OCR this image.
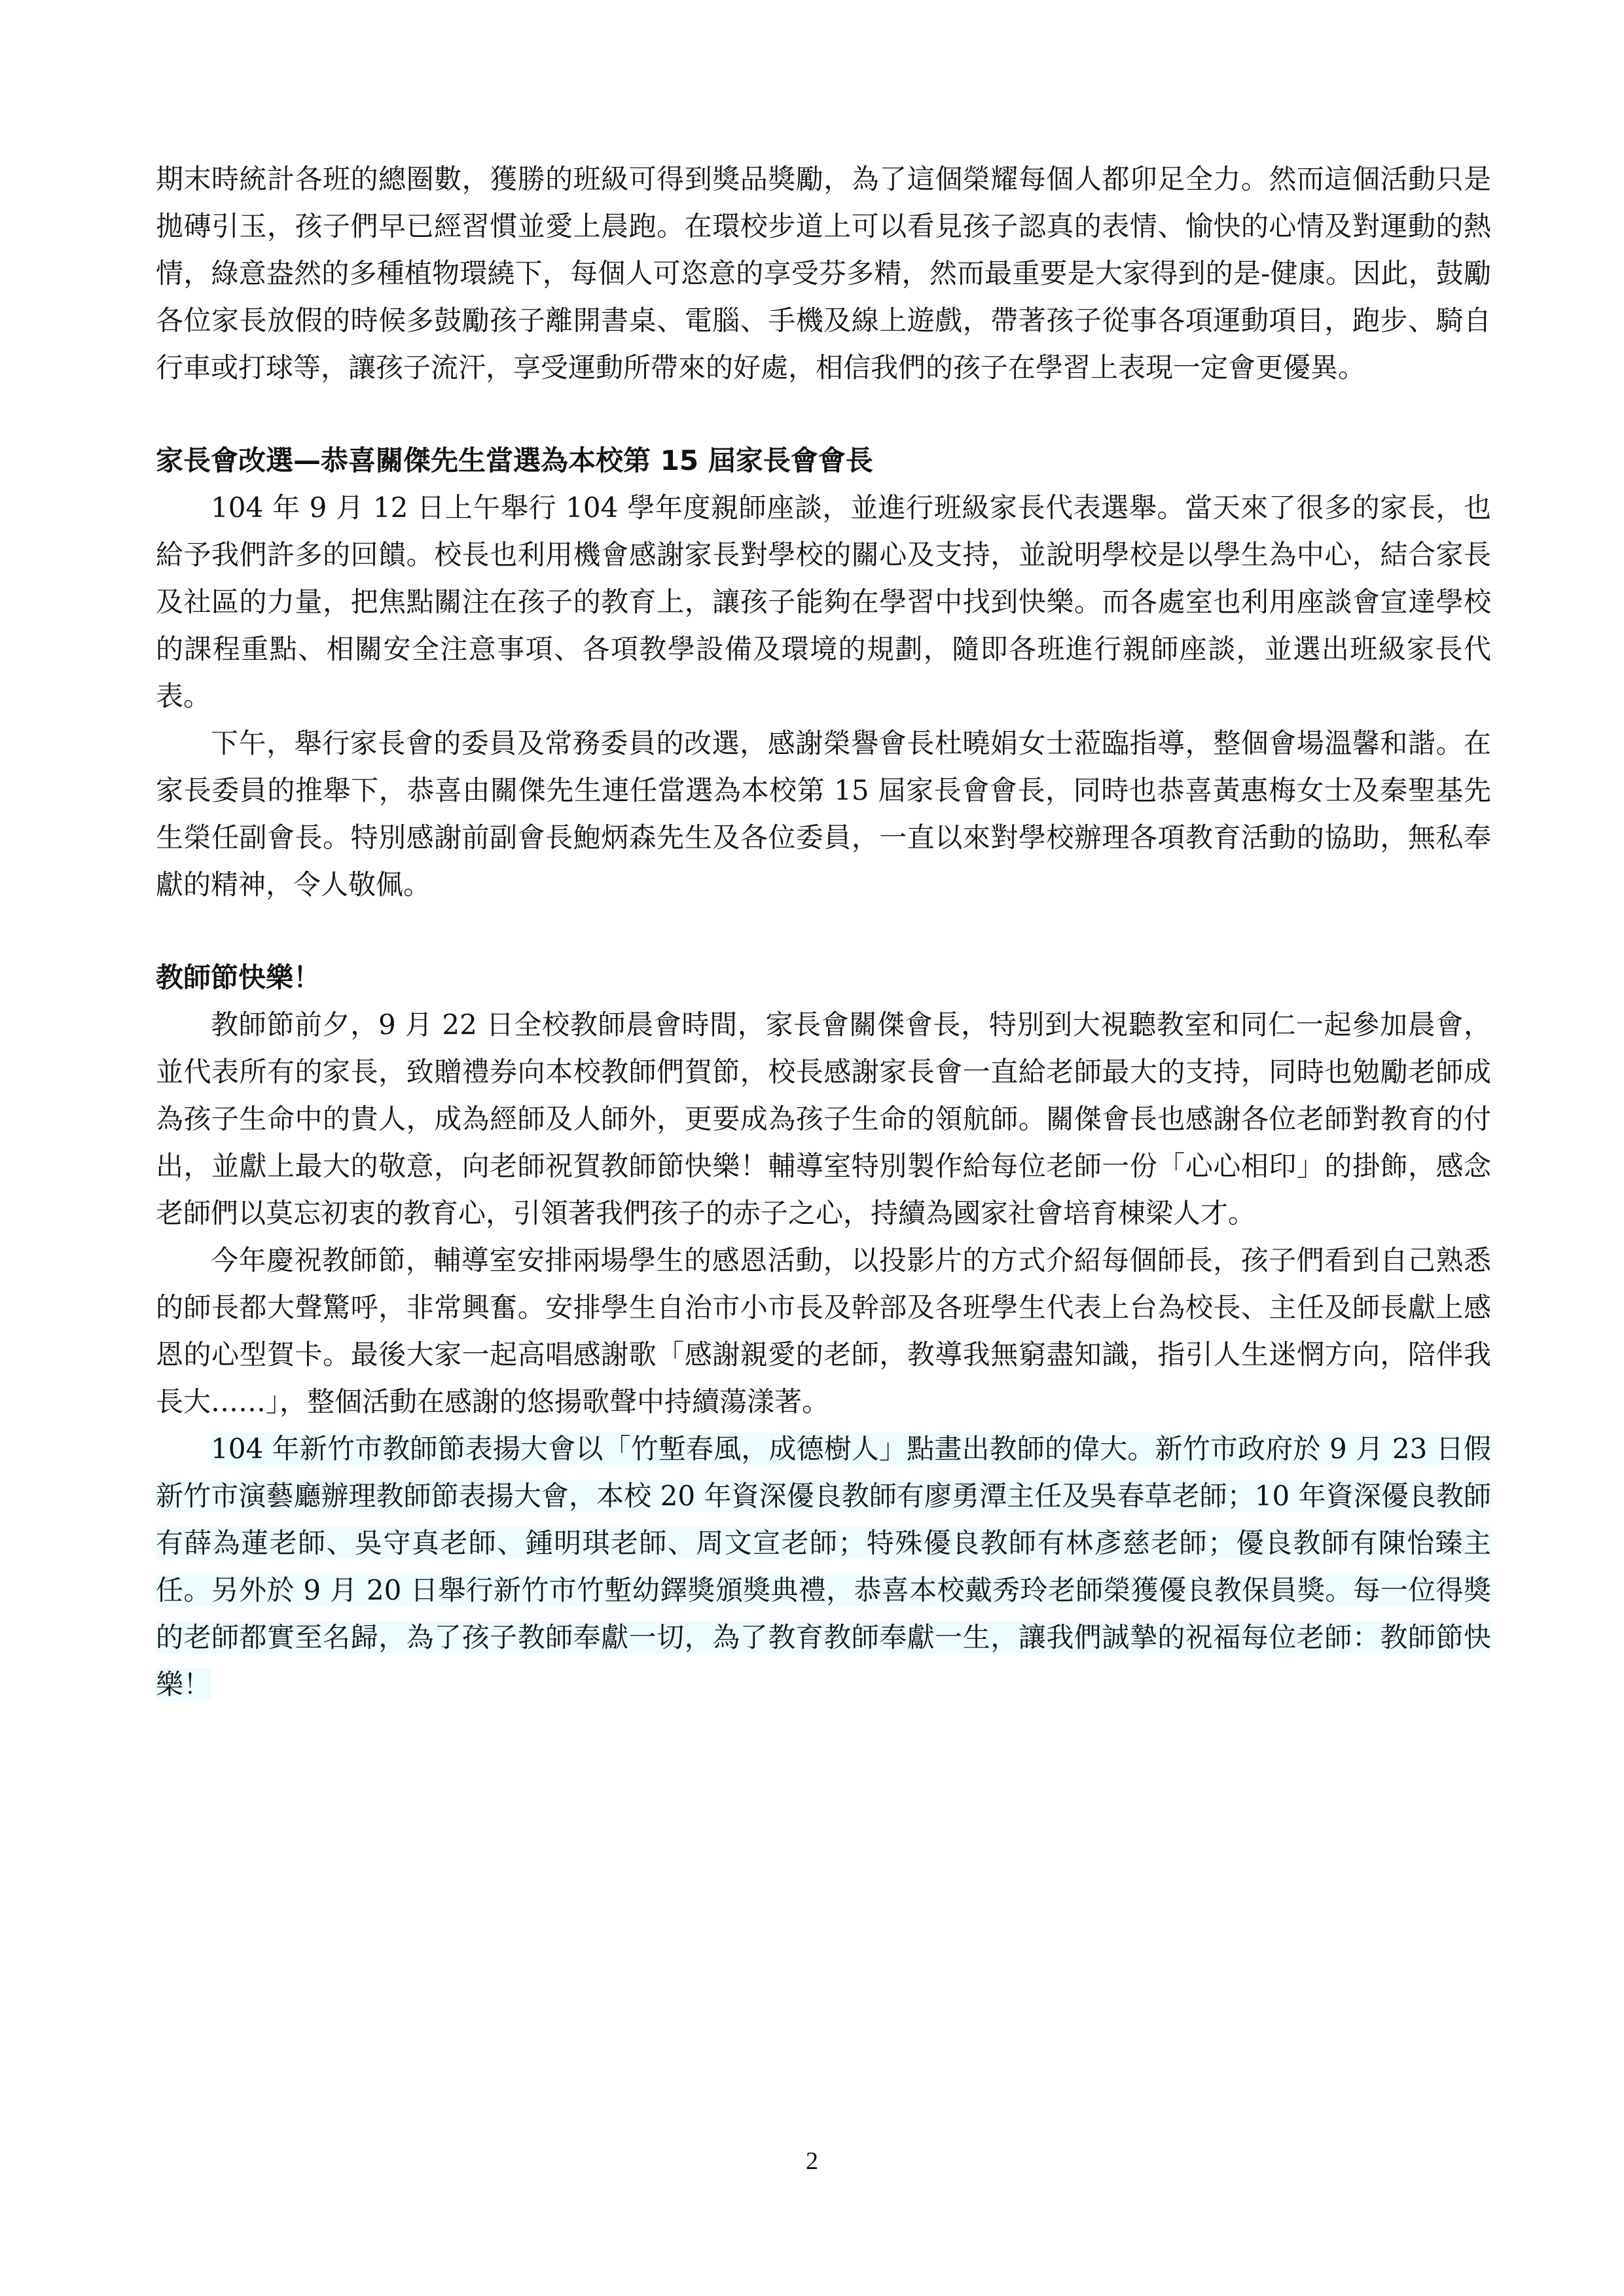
期末時統計各班的總圈數，獲勝的班級可得到獎品獎勵，為了這個榮耀每個人都卯足全力。然而這個活動只是拋磚引玉，孩子們早已經習慣並愛上晨跑。在環校步道上可以看見孩子認真的表情、愉快的心情及對運動的熱情，綠意盎然的多種植物環繞下，每個人可恣意的享受芬多精，然而最重要是大家得到的是-健康。因此，鼓勵各位家長放假的時候多鼓勵孩子離開書桌、電腦、手機及線上遊戲，帶著孩子從事各項運動項目，跑步、騎自行車或打球等，讓孩子流汗，享受運動所帶來的好處，相信我們的孩子在學習上表現一定會更優異。

家長會改選—恭喜關傑先生當選為本校第 15 屆家長會會長

104 年 9 月 12 日上午舉行 104 學年度親師座談，並進行班級家長代表選舉。當天來了很多的家長，也給予我們許多的回饋。校長也利用機會感謝家長對學校的關心及支持，並說明學校是以學生為中心，結合家長及社區的力量，把焦點關注在孩子的教育上，讓孩子能夠在學習中找到快樂。而各處室也利用座談會宣達學校的課程重點、相關安全注意事項、各項教學設備及環境的規劃，隨即各班進行親師座談，並選出班級家長代表。

下午，舉行家長會的委員及常務委員的改選，感謝榮譽會長杜曉娟女士蒞臨指導，整個會場溫馨和諧。在家長委員的推舉下，恭喜由關傑先生連任當選為本校第 15 屆家長會會長，同時也恭喜黃惠梅女士及秦聖基先生榮任副會長。特別感謝前副會長鮑炳森先生及各位委員，一直以來對學校辦理各項教育活動的協助，無私奉獻的精神，令人敬佩。

教師節快樂！

教師節前夕，9 月 22 日全校教師晨會時間，家長會關傑會長，特別到大視聽教室和同仁一起參加晨會，並代表所有的家長，致贈禮券向本校教師們賀節，校長感謝家長會一直給老師最大的支持，同時也勉勵老師成為孩子生命中的貴人，成為經師及人師外，更要成為孩子生命的領航師。關傑會長也感謝各位老師對教育的付出，並獻上最大的敬意，向老師祝賀教師節快樂！輔導室特別製作給每位老師一份「心心相印」的掛飾，感念老師們以莫忘初衷的教育心，引領著我們孩子的赤子之心，持續為國家社會培育棟梁人才。

今年慶祝教師節，輔導室安排兩場學生的感恩活動，以投影片的方式介紹每個師長，孩子們看到自己熟悉的師長都大聲驚呼，非常興奮。安排學生自治市小市長及幹部及各班學生代表上台為校長、主任及師長獻上感恩的心型賀卡。最後大家一起高唱感謝歌「感謝親愛的老師，教導我無窮盡知識，指引人生迷惘方向，陪伴我長大……」，整個活動在感謝的悠揚歌聲中持續蕩漾著。

104 年新竹市教師節表揚大會以「竹塹春風，成德樹人」點畫出教師的偉大。新竹市政府於 9 月 23 日假新竹市演藝廳辦理教師節表揚大會，本校 20 年資深優良教師有廖勇潭主任及吳春草老師；10 年資深優良教師有薛為蓮老師、吳守真老師、鍾明琪老師、周文宣老師；特殊優良教師有林彥慈老師；優良教師有陳怡臻主任。另外於 9 月 20 日舉行新竹市竹塹幼鐸獎頒獎典禮，恭喜本校戴秀玲老師榮獲優良教保員獎。每一位得獎的老師都實至名歸，為了孩子教師奉獻一切，為了教育教師奉獻一生，讓我們誠摯的祝福每位老師：教師節快樂！

2
